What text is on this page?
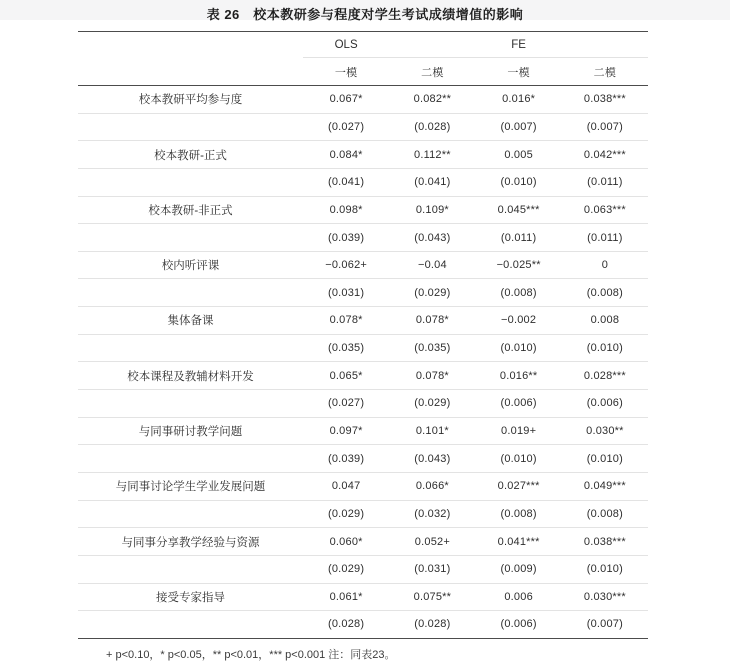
表 26　校本教研参与程度对学生考试成绩增值的影响
OLS	FE
一模	二模	一模	二模
校本教研平均参与度	0.067*	0.082**	0.016*	0.038***
(0.027)	(0.028)	(0.007)	(0.007)
校本教研-正式	0.084*	0.112**	0.005	0.042***
(0.041)	(0.041)	(0.010)	(0.011)
校本教研-非正式	0.098*	0.109*	0.045***	0.063***
(0.039)	(0.043)	(0.011)	(0.011)
校内听评课	−0.062+	−0.04	−0.025**	0
(0.031)	(0.029)	(0.008)	(0.008)
集体备课	0.078*	0.078*	−0.002	0.008
(0.035)	(0.035)	(0.010)	(0.010)
校本课程及教辅材料开发	0.065*	0.078*	0.016**	0.028***
(0.027)	(0.029)	(0.006)	(0.006)
与同事研讨教学问题	0.097*	0.101*	0.019+	0.030**
(0.039)	(0.043)	(0.010)	(0.010)
与同事讨论学生学业发展问题	0.047	0.066*	0.027***	0.049***
(0.029)	(0.032)	(0.008)	(0.008)
与同事分享教学经验与资源	0.060*	0.052+	0.041***	0.038***
(0.029)	(0.031)	(0.009)	(0.010)
接受专家指导	0.061*	0.075**	0.006	0.030***
(0.028)	(0.028)	(0.006)	(0.007)
+ p<0.10，* p<0.05，** p<0.01，*** p<0.001 注：同表23。
